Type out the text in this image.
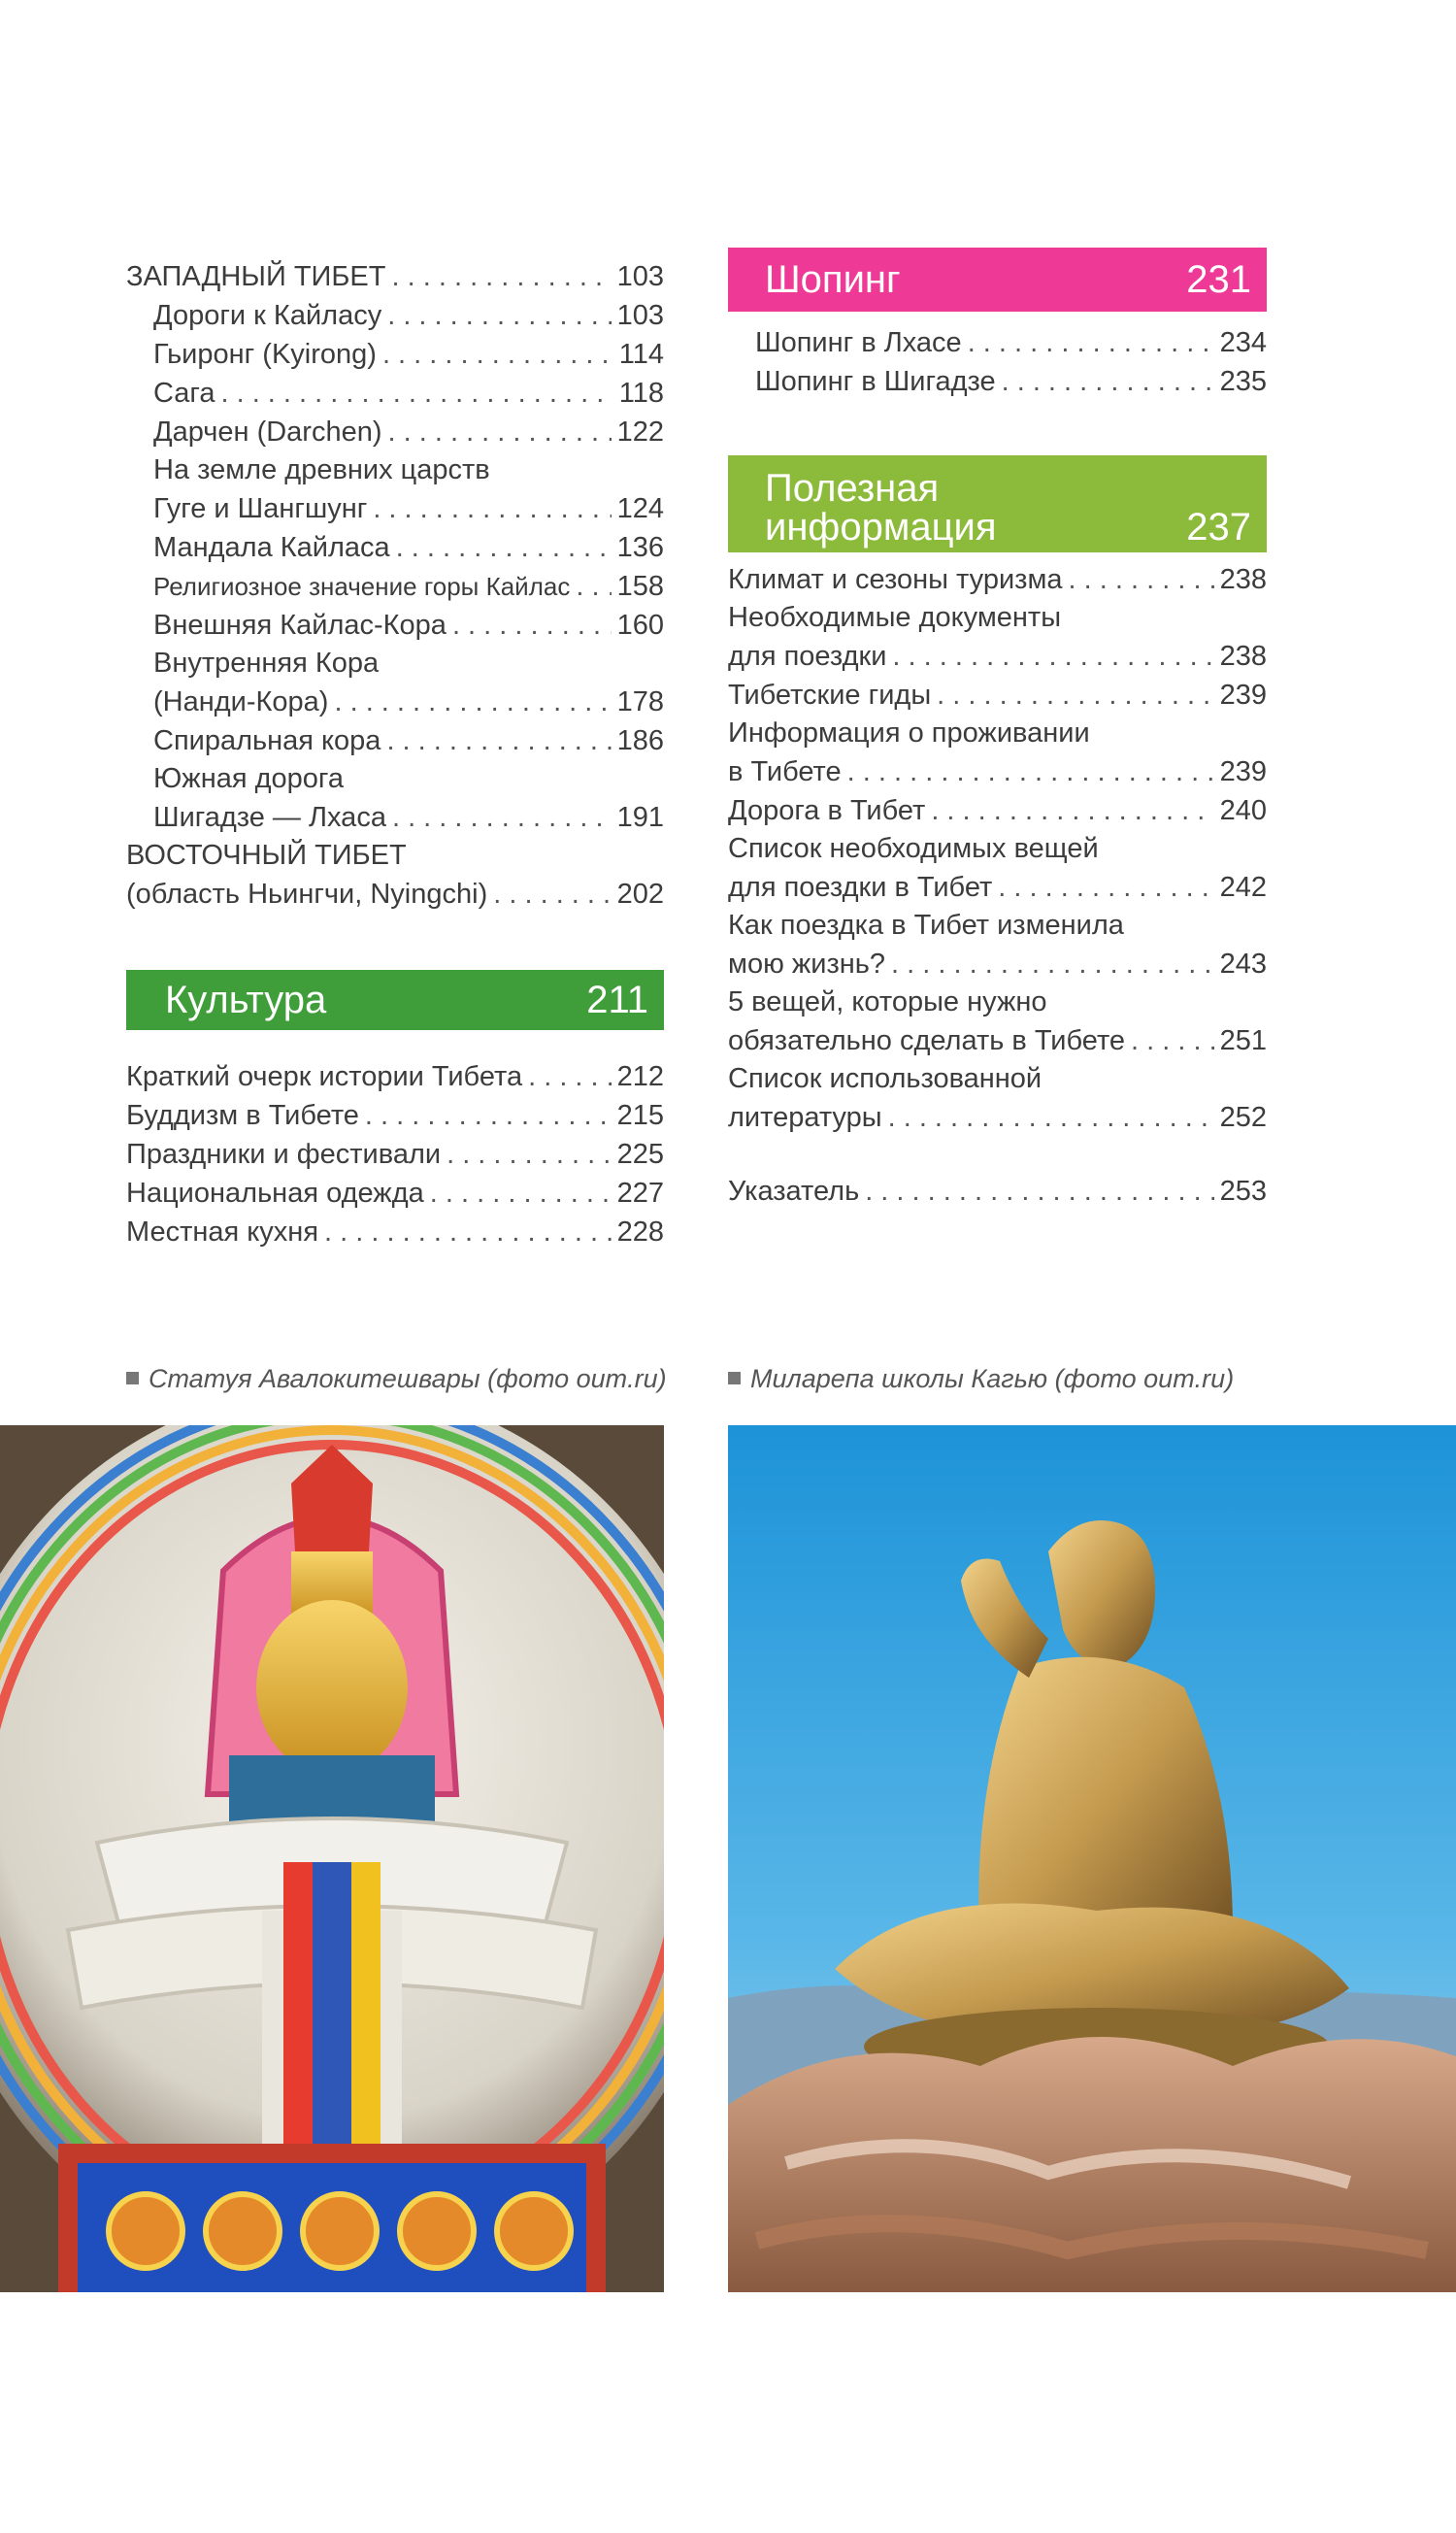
ЗАПАДНЫЙ ТИБЕТ . . .	103
Дороги к Кайласу . . .	103
Гьиронг (Kyirong) . . .	114
Сага . . .	118
Дарчен (Darchen) . . .	122
На земле древних царств
Гуге и Шангшунг . . .	124
Мандала Кайласа . . .	136
Религиозное значение горы Кайлас . . . 158
Внешняя Кайлас-Кора . . .	160
Внутренняя Кора
(Нанди-Кора) . . .	178
Спиральная кора . . .	186
Южная дорога
Шигадзе — Лхаса . . .	191
ВОСТОЧНЫЙ ТИБЕТ
(область Ньингчи, Nyingchi) . . .	202
Культура	211
Краткий очерк истории Тибета . . .	212
Буддизм в Тибете . . .	215
Праздники и фестивали . . .	225
Национальная одежда . . .	227
Местная кухня . . .	228
Шопинг	231
Шопинг в Лхасе . . .	234
Шопинг в Шигадзе . . .	235
Полезная
информация	237
Климат и сезоны туризма . . .	238
Необходимые документы
для поездки . . .	238
Тибетские гиды . . .	239
Информация о проживании
в Тибете . . .	239
Дорога в Тибет . . .	240
Список необходимых вещей
для поездки в Тибет . . .	242
Как поездка в Тибет изменила
мою жизнь? . . .	243
5 вещей, которые нужно
обязательно сделать в Тибете . . .	251
Список использованной
литературы . . .	252
Указатель . . .	253
Статуя Авалокитешвары (фото oum.ru)	Миларепа школы Кагью (фото oum.ru)
